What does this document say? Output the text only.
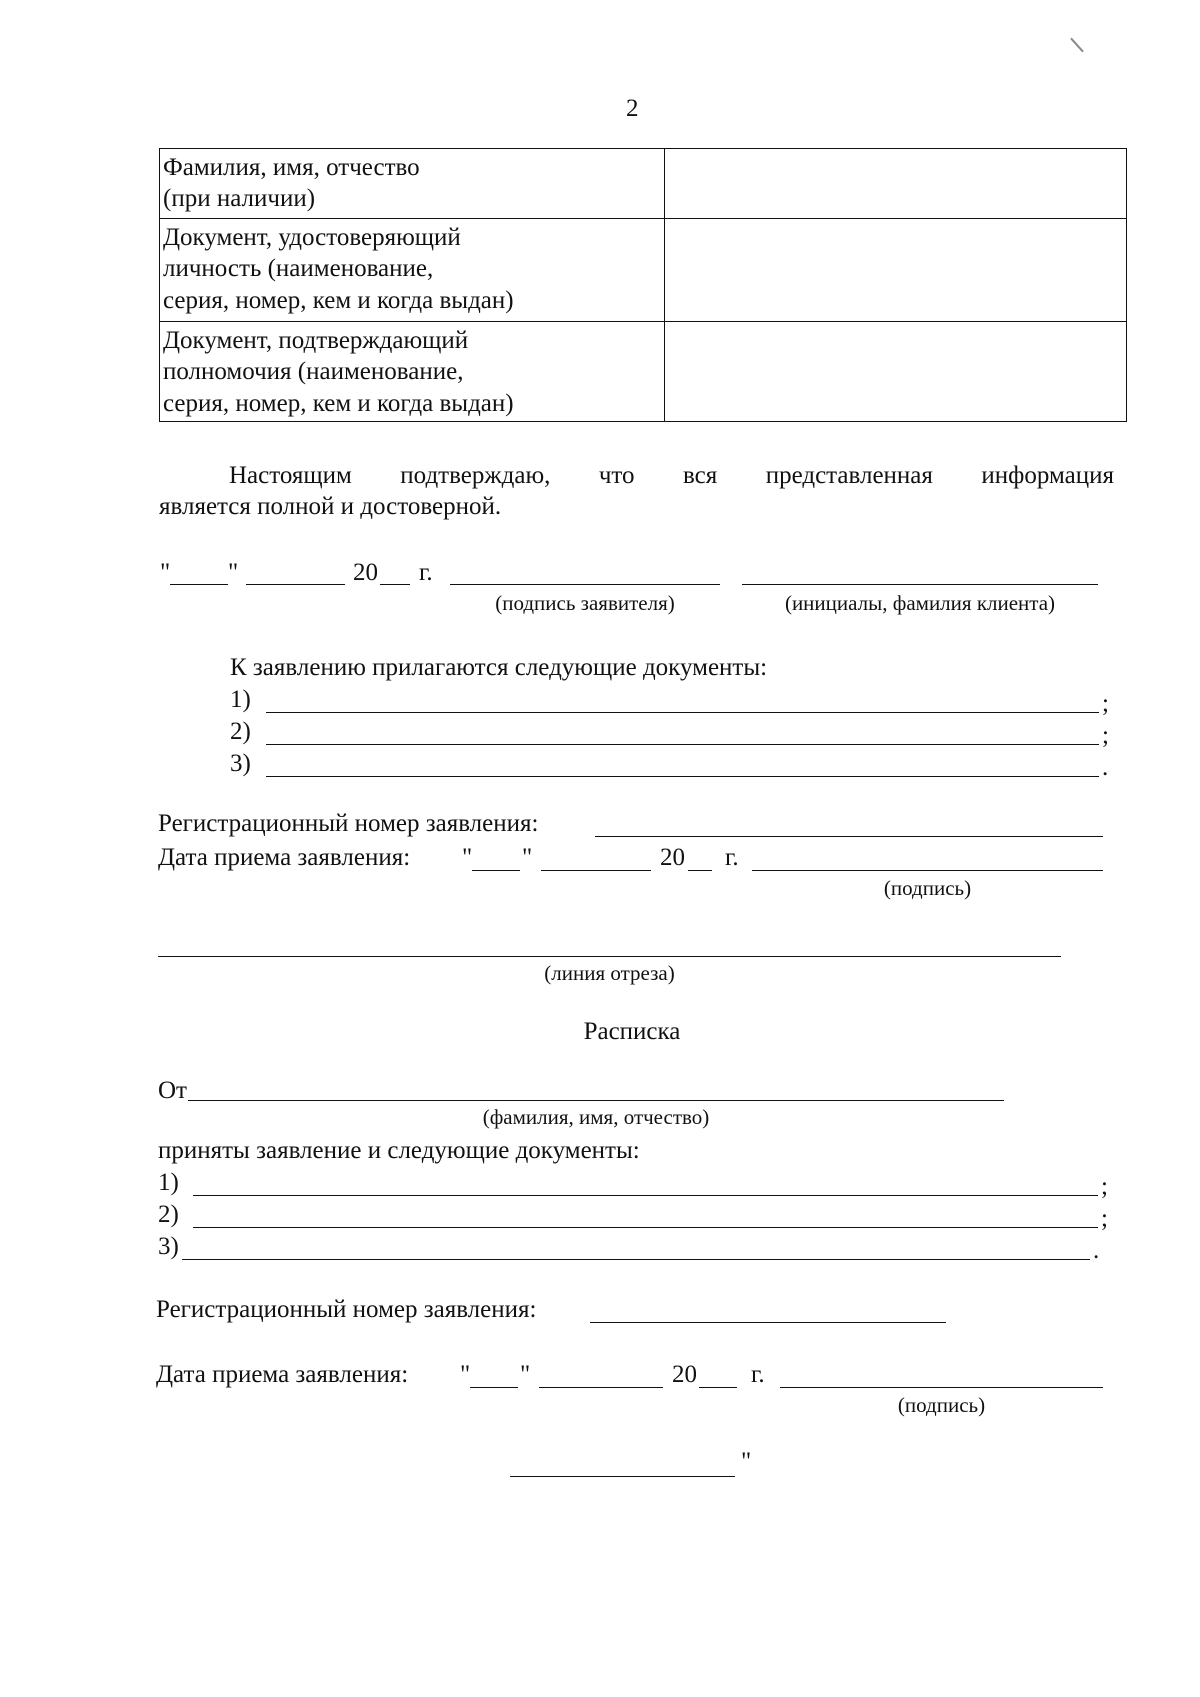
2
Фамилия, имя, отчество
(при наличии)	

Документ, удостоверяющий
личность (наименование,
серия, номер, кем и когда выдан)	

Документ, подтверждающий
полномочия (наименование,
серия, номер, кем и когда выдан)	

Настоящим подтверждаю, что вся представленная информация
является полной и достоверной.
" "	20 г.
(подпись заявителя)	(инициалы, фамилия клиента)
К заявлению прилагаются следующие документы:
1)	;
2)	;
3)	.
Регистрационный номер заявления:
Дата приема заявления: " "	20 г.
(подпись)
(линия отреза)
Расписка
От
(фамилия, имя, отчество)
приняты заявление и следующие документы:
1)	;
2)	;
3)	.
Регистрационный номер заявления:
Дата приема заявления: " "	20 г.
(подпись)
"
